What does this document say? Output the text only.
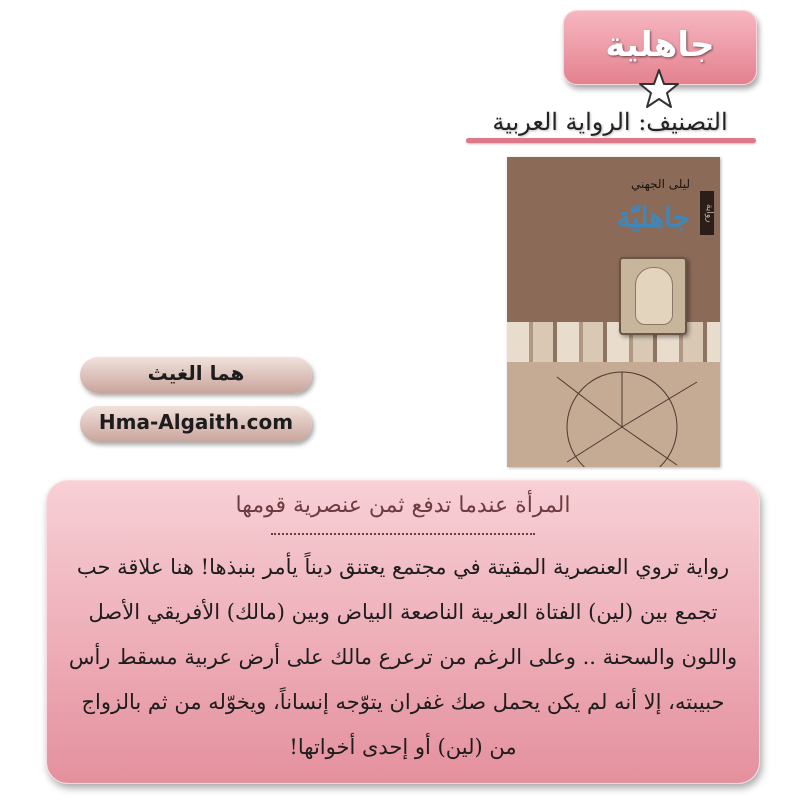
جاهلية
التصنيف: الرواية العربية
ليلى الجهني
جاهليّة	رواية
هما الغيث
Hma-Algaith.com
المرأة عندما تدفع ثمن عنصرية قومها
رواية تروي العنصرية المقيتة في مجتمع يعتنق ديناً يأمر بنبذها! هنا علاقة حب تجمع بين (لين) الفتاة العربية الناصعة البياض وبين (مالك) الأفريقي الأصل واللون والسحنة .. وعلى الرغم من ترعرع مالك على أرض عربية مسقط رأس حبيبته، إلا أنه لم يكن يحمل صك غفران يتوّجه إنساناً، ويخوّله من ثم بالزواج من (لين) أو إحدى أخواتها!
